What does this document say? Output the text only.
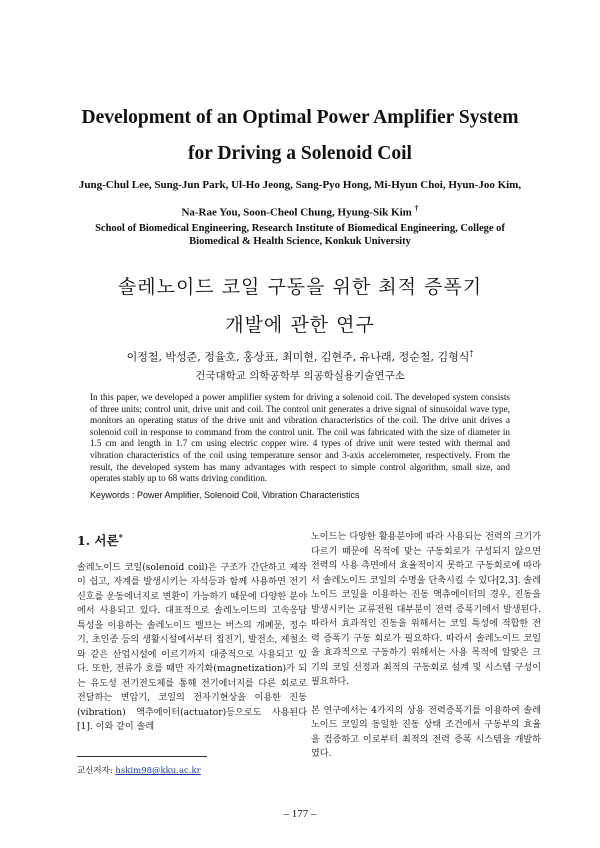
Development of an Optimal Power Amplifier System
for Driving a Solenoid Coil
Jung-Chul Lee, Sung-Jun Park, Ul-Ho Jeong, Sang-Pyo Hong, Mi-Hyun Choi, Hyun-Joo Kim,
Na-Rae You, Soon-Cheol Chung, Hyung-Sik Kim †
School of Biomedical Engineering, Research Institute of Biomedical Engineering, College of
Biomedical & Health Science, Konkuk University
솔레노이드 코일 구동을 위한 최적 증폭기
개발에 관한 연구
이정철, 박성준, 정율호, 홍상표, 최미현, 김현주, 유나래, 정순철, 김형식†
건국대학교 의학공학부 의공학실용기술연구소
In this paper, we developed a power amplifier system for driving a solenoid coil. The developed system consists of three units; control unit, drive unit and coil. The control unit generates a drive signal of sinusoidal wave type, monitors an operating status of the drive unit and vibration characteristics of the coil. The drive unit drives a solenoid coil in response to command from the control unit. The coil was fabricated with the size of diameter in 1.5 cm and length in 1.7 cm using electric copper wire. 4 types of drive unit were tested with thermal and vibration characteristics of the coil using temperature sensor and 3-axis accelerometer, respectively. From the result, the developed system has many advantages with respect to simple control algorithm, small size, and operates stably up to 68 watts driving condition.
Keywords : Power Amplifier, Solenoid Coil, Vibration Characteristics
1. 서론*

솔레노이드 코일(solenoid coil)은 구조가 간단하고 제작이 쉽고, 자계를 발생시키는 자석등과 함께 사용하면 전기신호를 운동에너지로 변환이 가능하기 때문에 다양한 분야에서 사용되고 있다. 대표적으로 솔레노이드의 고속응답 특성을 이용하는 솔레노이드 밸브는 버스의 개폐문, 정수기, 초인종 등의 생활시설에서부터 집진기, 발전소, 제철소와 같은 산업시설에 이르기까지 대중적으로 사용되고 있다. 또한, 전류가 흐를 때만 자기화(magnetization)가 되는 유도성 전기전도체를 통해 전기에너지를 다른 회로로 전달하는 변압기, 코일의 전자기현상을 이용한 진동(vibration) 액추에이터(actuator)등으로도 사용된다[1]. 이와 같이 솔레

노이드는 다양한 활용분야에 따라 사용되는 전력의 크기가 다르기 때문에 목적에 맞는 구동회로가 구성되지 않으면 전력의 사용 측면에서 효율적이지 못하고 구동회로에 따라서 솔레노이드 코일의 수명을 단축시킬 수 있다[2,3]. 솔레노이드 코일을 이용하는 진동 액츄에이터의 경우, 진동을 발생시키는 교류전원 대부분이 전력 증폭기에서 발생된다. 따라서 효과적인 진동을 위해서는 코일 특성에 적합한 전력 증폭기 구동 회로가 필요하다. 따라서 솔레노이드 코일을 효과적으로 구동하기 위해서는 사용 목적에 알맞은 크기의 코일 선정과 최적의 구동회로 설계 및 시스템 구성이 필요하다.

본 연구에서는 4가지의 상용 전력증폭기를 이용하여 솔레노이드 코일의 동일한 진동 상태 조건에서 구동부의 효율을 검증하고 이로부터 최적의 전력 증폭 시스템을 개발하였다.

교신저자: hskim98@kku.ac.kr
– 177 –
